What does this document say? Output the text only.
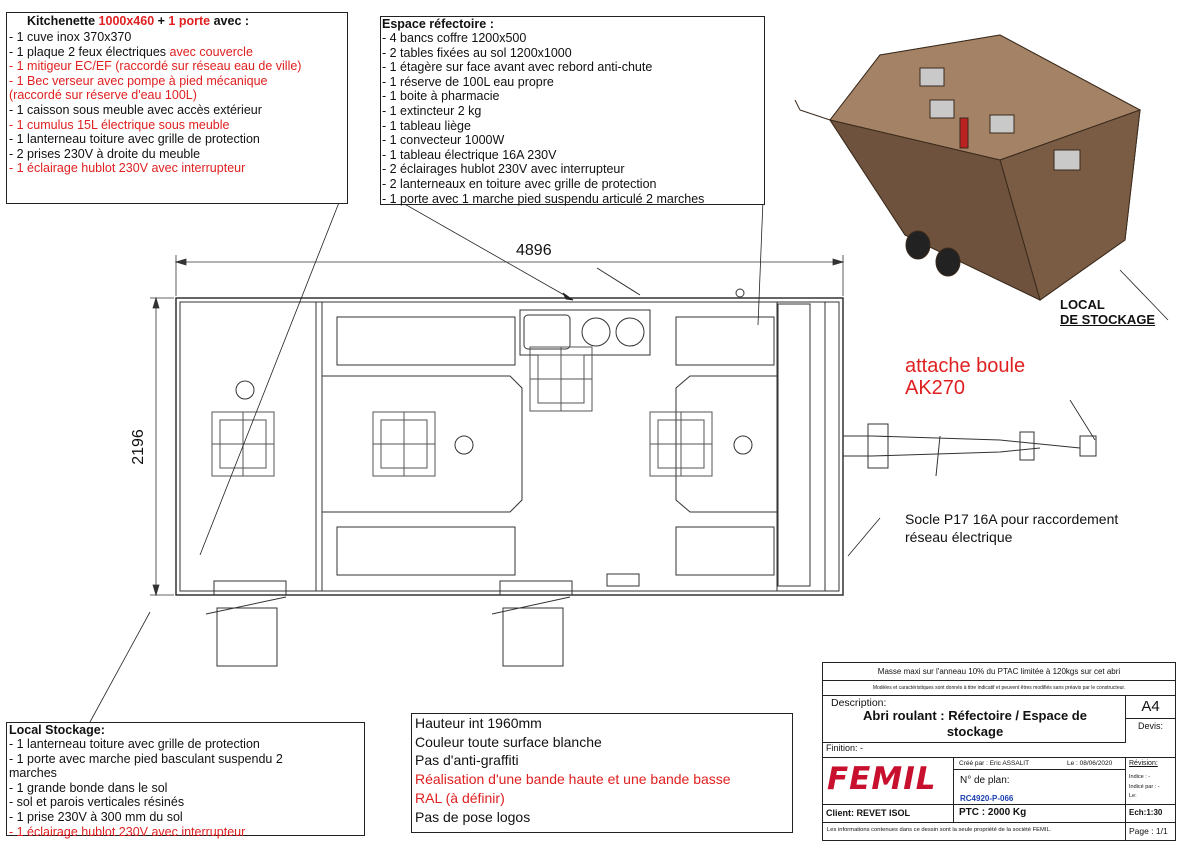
Kitchenette 1000x460 + 1 porte avec :
- 1 cuve inox 370x370
- 1 plaque 2 feux électriques avec couvercle
- 1 mitigeur EC/EF (raccordé sur réseau eau de ville)
- 1 Bec verseur avec pompe à pied mécanique
(raccordé sur réserve d'eau 100L)
- 1 caisson sous meuble avec accès extérieur
- 1 cumulus 15L électrique sous meuble
- 1 lanterneau toiture avec grille de protection
- 2 prises 230V à droite du meuble
- 1 éclairage hublot 230V avec interrupteur
Espace réfectoire :
- 4 bancs coffre 1200x500
- 2 tables fixées au sol 1200x1000
- 1 étagère sur face avant avec rebord anti-chute
- 1 réserve de 100L eau propre
- 1 boite à pharmacie
- 1 extincteur 2 kg
- 1 tableau liège
- 1 convecteur 1000W
- 1 tableau électrique 16A 230V
- 2 éclairages hublot 230V avec interrupteur
- 2 lanterneaux en toiture avec grille de protection
- 1 porte avec 1 marche pied suspendu articulé 2 marches
Local Stockage:
- 1 lanterneau toiture avec grille de protection
- 1 porte avec marche pied basculant suspendu 2
marches
- 1 grande bonde dans le sol
- sol et parois verticales résinés
- 1 prise 230V à 300 mm du sol
- 1 éclairage hublot 230V avec interrupteur
Hauteur int 1960mm
Couleur toute surface blanche
Pas d'anti-graffiti
Réalisation d'une bande haute et une bande basse
RAL (à définir)
Pas de pose logos
4896
2196
attache boule
AK270
Socle P17 16A pour raccordement
réseau électrique
LOCAL
DE STOCKAGE
Masse maxi sur l'anneau 10% du PTAC limitée à 120kgs sur cet abri
Modèles et caractéristiques sont donnés à titre indicatif et peuvent êtres modifiés sans préavis par le constructeur.
Description:
Abri roulant : Réfectoire / Espace de stockage
A4
Devis:
Finition: -
FEMIL	Créé par : Eric ASSALIT	Le : 08/06/2020 Révision:
Indice : -
Indicé par : -
Le:
N° de plan:
RC4920-P-066
Client: REVET ISOL	PTC : 2000 Kg	Ech:1:30
Les informations contenues dans ce dessin sont la seule propriété de la société FEMIL.	Page : 1/1
